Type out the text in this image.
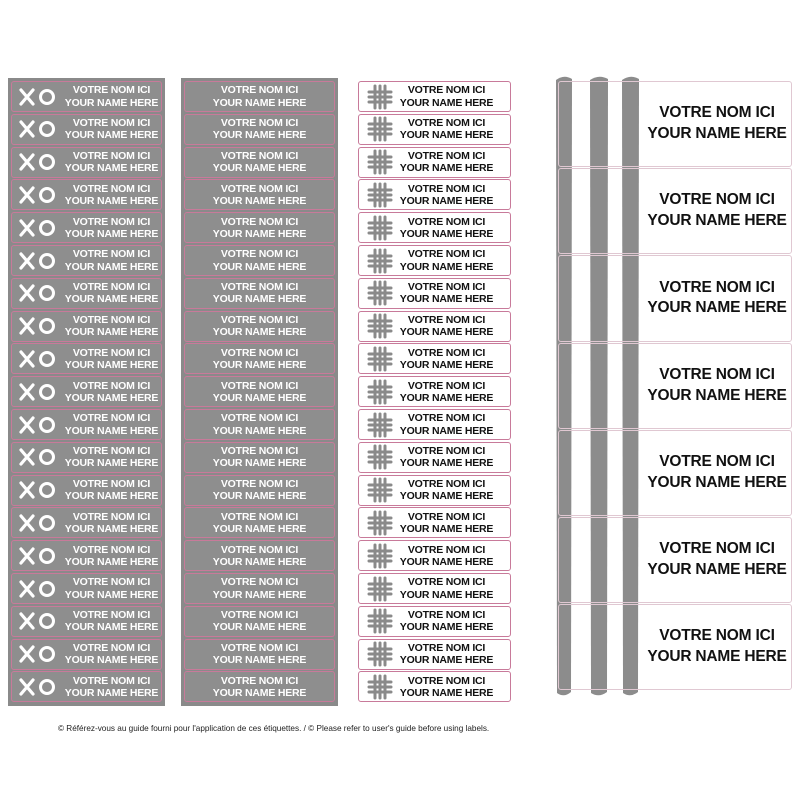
VOTRE NOM ICI
YOUR NAME HERE
VOTRE NOM ICI
YOUR NAME HERE
VOTRE NOM ICI
YOUR NAME HERE
VOTRE NOM ICI
YOUR NAME HERE
VOTRE NOM ICI
YOUR NAME HERE
VOTRE NOM ICI
YOUR NAME HERE
VOTRE NOM ICI
YOUR NAME HERE
VOTRE NOM ICI
YOUR NAME HERE
VOTRE NOM ICI
YOUR NAME HERE
VOTRE NOM ICI
YOUR NAME HERE
VOTRE NOM ICI
YOUR NAME HERE
VOTRE NOM ICI
YOUR NAME HERE
VOTRE NOM ICI
YOUR NAME HERE
VOTRE NOM ICI
YOUR NAME HERE
VOTRE NOM ICI
YOUR NAME HERE
VOTRE NOM ICI
YOUR NAME HERE
VOTRE NOM ICI
YOUR NAME HERE
VOTRE NOM ICI
YOUR NAME HERE
VOTRE NOM ICI
YOUR NAME HERE
VOTRE NOM ICI
YOUR NAME HERE
VOTRE NOM ICI
YOUR NAME HERE
VOTRE NOM ICI
YOUR NAME HERE
VOTRE NOM ICI
YOUR NAME HERE
VOTRE NOM ICI
YOUR NAME HERE
VOTRE NOM ICI
YOUR NAME HERE
VOTRE NOM ICI
YOUR NAME HERE
VOTRE NOM ICI
YOUR NAME HERE
VOTRE NOM ICI
YOUR NAME HERE
VOTRE NOM ICI
YOUR NAME HERE
VOTRE NOM ICI
YOUR NAME HERE
VOTRE NOM ICI
YOUR NAME HERE
VOTRE NOM ICI
YOUR NAME HERE
VOTRE NOM ICI
YOUR NAME HERE
VOTRE NOM ICI
YOUR NAME HERE
VOTRE NOM ICI
YOUR NAME HERE
VOTRE NOM ICI
YOUR NAME HERE
VOTRE NOM ICI
YOUR NAME HERE
VOTRE NOM ICI
YOUR NAME HERE
VOTRE NOM ICI
YOUR NAME HERE
VOTRE NOM ICI
YOUR NAME HERE
VOTRE NOM ICI
YOUR NAME HERE
VOTRE NOM ICI
YOUR NAME HERE
VOTRE NOM ICI
YOUR NAME HERE
VOTRE NOM ICI
YOUR NAME HERE
VOTRE NOM ICI
YOUR NAME HERE
VOTRE NOM ICI
YOUR NAME HERE
VOTRE NOM ICI
YOUR NAME HERE
VOTRE NOM ICI
YOUR NAME HERE
VOTRE NOM ICI
YOUR NAME HERE
VOTRE NOM ICI
YOUR NAME HERE
VOTRE NOM ICI
YOUR NAME HERE
VOTRE NOM ICI
YOUR NAME HERE
VOTRE NOM ICI
YOUR NAME HERE
VOTRE NOM ICI
YOUR NAME HERE
VOTRE NOM ICI
YOUR NAME HERE
VOTRE NOM ICI
YOUR NAME HERE
VOTRE NOM ICI
YOUR NAME HERE
VOTRE NOM ICI
YOUR NAME HERE
VOTRE NOM ICI
YOUR NAME HERE
VOTRE NOM ICI
YOUR NAME HERE
VOTRE NOM ICI
YOUR NAME HERE
VOTRE NOM ICI
YOUR NAME HERE
VOTRE NOM ICI
YOUR NAME HERE
VOTRE NOM ICI
YOUR NAME HERE
© Référez-vous au guide fourni pour l'application de ces étiquettes. / © Please refer to user's guide before using labels.
